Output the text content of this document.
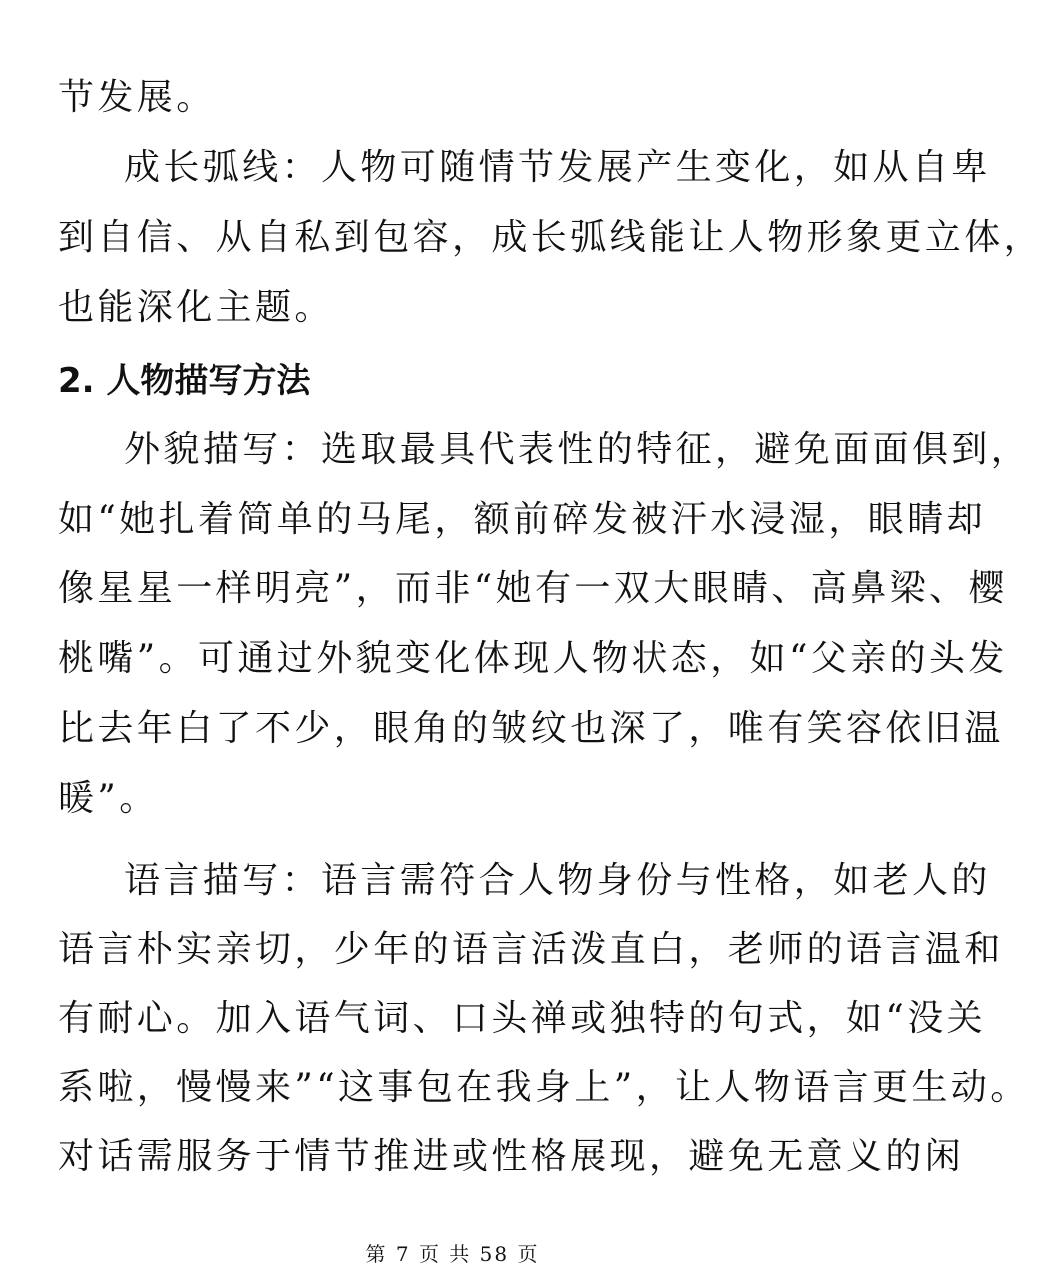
节发展。
成长弧线：人物可随情节发展产生变化，如从自卑
到自信、从自私到包容，成长弧线能让人物形象更立体，
也能深化主题。
2. 人物描写方法
外貌描写：选取最具代表性的特征，避免面面俱到，
如“她扎着简单的马尾，额前碎发被汗水浸湿，眼睛却
像星星一样明亮”，而非“她有一双大眼睛、高鼻梁、樱
桃嘴”。可通过外貌变化体现人物状态，如“父亲的头发
比去年白了不少，眼角的皱纹也深了，唯有笑容依旧温
暖”。
语言描写：语言需符合人物身份与性格，如老人的
语言朴实亲切，少年的语言活泼直白，老师的语言温和
有耐心。加入语气词、口头禅或独特的句式，如“没关
系啦，慢慢来”“这事包在我身上”，让人物语言更生动。
对话需服务于情节推进或性格展现，避免无意义的闲
第 7 页 共 58 页
